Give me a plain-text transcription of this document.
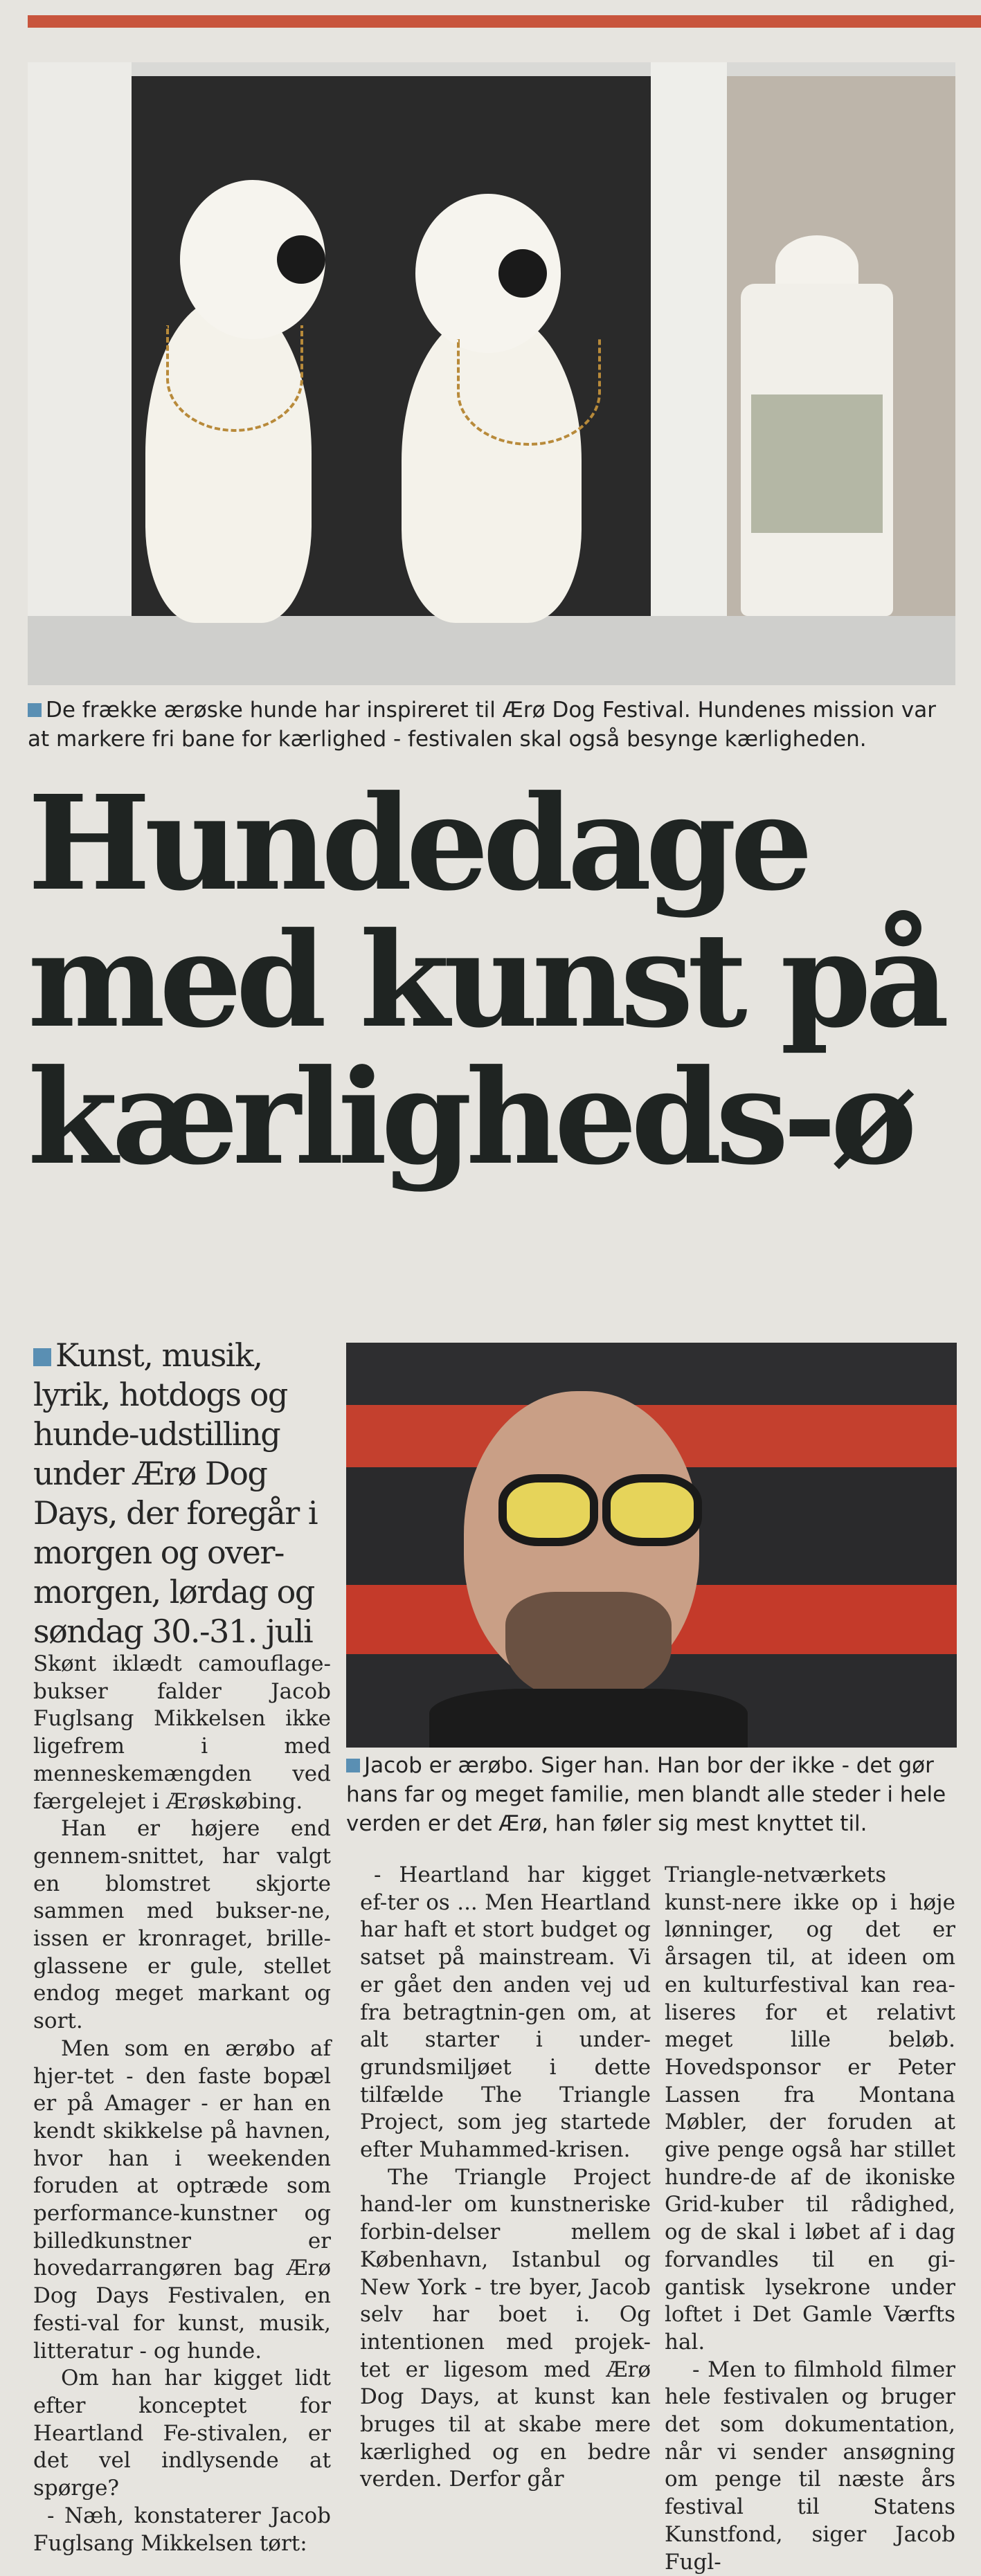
De frække ærøske hunde har inspireret til Ærø Dog Festival. Hundenes mission var at markere fri bane for kærlighed - festivalen skal også besynge kærligheden.
Hundedage
med kunst på
kærligheds-ø
Kunst, musik, lyrik, hotdogs og hunde-udstilling under Ærø Dog Days, der foregår i morgen og over-morgen, lørdag og søndag 30.-31. juli
Jacob er ærøbo. Siger han. Han bor der ikke - det gør hans far og meget familie, men blandt alle steder i hele verden er det Ærø, han føler sig mest knyttet til.

Skønt iklædt camouflage-bukser falder Jacob Fuglsang Mikkelsen ikke ligefrem i med menneskemængden ved færgelejet i Ærøskøbing.

Han er højere end gennem-snittet, har valgt en blomstret skjorte sammen med bukser-ne, issen er kronraget, brille-glassene er gule, stellet endog meget markant og sort.

Men som en ærøbo af hjer-tet - den faste bopæl er på Amager - er han en kendt skikkelse på havnen, hvor han i weekenden foruden at optræde som performance-kunstner og billedkunstner er hovedarrangøren bag Ærø Dog Days Festivalen, en festi-val for kunst, musik, litteratur - og hunde.

Om han har kigget lidt efter konceptet for Heartland Fe-stivalen, er det vel indlysende at spørge?

- Næh, konstaterer Jacob Fuglsang Mikkelsen tørt:

- Heartland har kigget ef-ter os ... Men Heartland har haft et stort budget og satset på mainstream. Vi er gået den anden vej ud fra betragtnin-gen om, at alt starter i under-grundsmiljøet i dette tilfælde The Triangle Project, som jeg startede efter Muhammed-krisen.

The Triangle Project hand-ler om kunstneriske forbin-delser mellem København, Istanbul og New York - tre byer, Jacob selv har boet i. Og intentionen med projek-tet er ligesom med Ærø Dog Days, at kunst kan bruges til at skabe mere kærlighed og en bedre verden. Derfor går

Triangle-netværkets kunst-nere ikke op i høje lønninger, og det er årsagen til, at ideen om en kulturfestival kan rea-liseres for et relativt meget lille beløb. Hovedsponsor er Peter Lassen fra Montana Møbler, der foruden at give penge også har stillet hundre-de af de ikoniske Grid-kuber til rådighed, og de skal i løbet af i dag forvandles til en gi-gantisk lysekrone under loftet i Det Gamle Værfts hal.

- Men to filmhold filmer hele festivalen og bruger det som dokumentation, når vi sender ansøgning om penge til næste års festival til Statens Kunstfond, siger Jacob Fugl-
